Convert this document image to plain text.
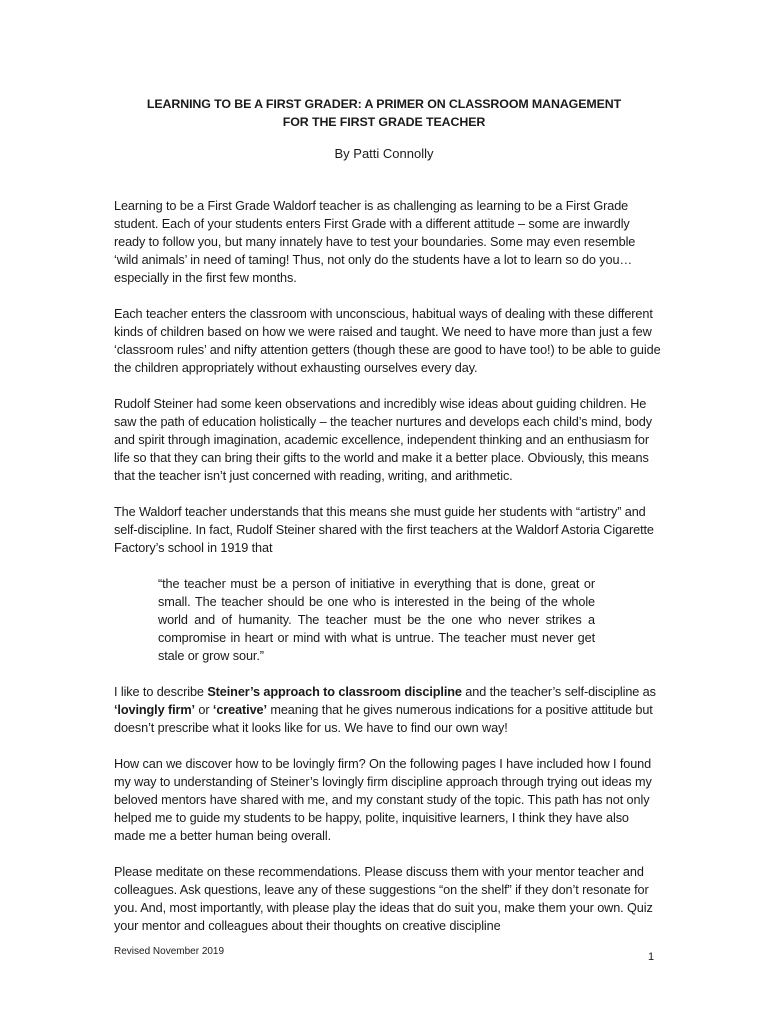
LEARNING TO BE A FIRST GRADER: A PRIMER ON CLASSROOM MANAGEMENT
FOR THE FIRST GRADE TEACHER
By Patti Connolly

Learning to be a First Grade Waldorf teacher is as challenging as learning to be a First Grade student. Each of your students enters First Grade with a different attitude – some are inwardly ready to follow you, but many innately have to test your boundaries. Some may even resemble ‘wild animals’ in need of taming! Thus, not only do the students have a lot to learn so do you…especially in the first few months.

Each teacher enters the classroom with unconscious, habitual ways of dealing with these different kinds of children based on how we were raised and taught. We need to have more than just a few ‘classroom rules’ and nifty attention getters (though these are good to have too!) to be able to guide the children appropriately without exhausting ourselves every day.

Rudolf Steiner had some keen observations and incredibly wise ideas about guiding children. He saw the path of education holistically – the teacher nurtures and develops each child’s mind, body and spirit through imagination, academic excellence, independent thinking and an enthusiasm for life so that they can bring their gifts to the world and make it a better place. Obviously, this means that the teacher isn’t just concerned with reading, writing, and arithmetic.

The Waldorf teacher understands that this means she must guide her students with “artistry” and self-discipline. In fact, Rudolf Steiner shared with the first teachers at the Waldorf Astoria Cigarette Factory’s school in 1919 that

“the teacher must be a person of initiative in everything that is done, great or small. The teacher should be one who is interested in the being of the whole world and of humanity. The teacher must be the one who never strikes a compromise in heart or mind with what is untrue. The teacher must never get stale or grow sour.”

I like to describe Steiner’s approach to classroom discipline and the teacher’s self-discipline as ‘lovingly firm’ or ‘creative’ meaning that he gives numerous indications for a positive attitude but doesn’t prescribe what it looks like for us. We have to find our own way!

How can we discover how to be lovingly firm? On the following pages I have included how I found my way to understanding of Steiner’s lovingly firm discipline approach through trying out ideas my beloved mentors have shared with me, and my constant study of the topic. This path has not only helped me to guide my students to be happy, polite, inquisitive learners, I think they have also made me a better human being overall.

Please meditate on these recommendations. Please discuss them with your mentor teacher and colleagues. Ask questions, leave any of these suggestions “on the shelf” if they don’t resonate for you. And, most importantly, with please play the ideas that do suit you, make them your own. Quiz your mentor and colleagues about their thoughts on creative discipline

Revised November 2019	1
